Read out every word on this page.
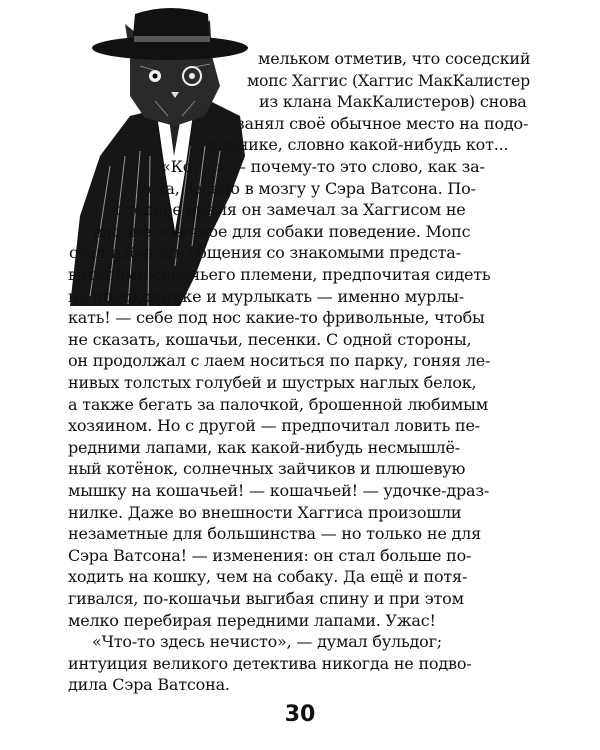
мельком отметив, что соседский
мопс Хаггис (Хаггис МакКалистер
из клана МакКалистеров) снова
занял своё обычное место на подо-
коннике, словно какой-нибудь кот...
«Кот...» — почему-то это слово, как за-
ноза, засело в мозгу у Сэра Ватсона. По-
следнее время он замечал за Хаггисом не
вполне обычное для собаки поведение. Мопс
стал избегать общения со знакомыми предста-
вителями собачьего племени, предпочитая сидеть
на подоконнике и мурлыкать — именно мурлы-
кать! — себе под нос какие-то фривольные, чтобы
не сказать, кошачьи, песенки. С одной стороны,
он продолжал с лаем носиться по парку, гоняя ле-
нивых толстых голубей и шустрых наглых белок,
а также бегать за палочкой, брошенной любимым
хозяином. Но с другой — предпочитал ловить пе-
редними лапами, как какой-нибудь несмышлё-
ный котёнок, солнечных зайчиков и плюшевую
мышку на кошачьей! — кошачьей! — удочке-драз-
нилке. Даже во внешности Хаггиса произошли
незаметные для большинства — но только не для
Сэра Ватсона! — изменения: он стал больше по-
ходить на кошку, чем на собаку. Да ещё и потя-
гивался, по-кошачьи выгибая спину и при этом
мелко перебирая передними лапами. Ужас!
«Что-то здесь нечисто», — думал бульдог;
интуиция великого детектива никогда не подво-
дила Сэра Ватсона.
30
